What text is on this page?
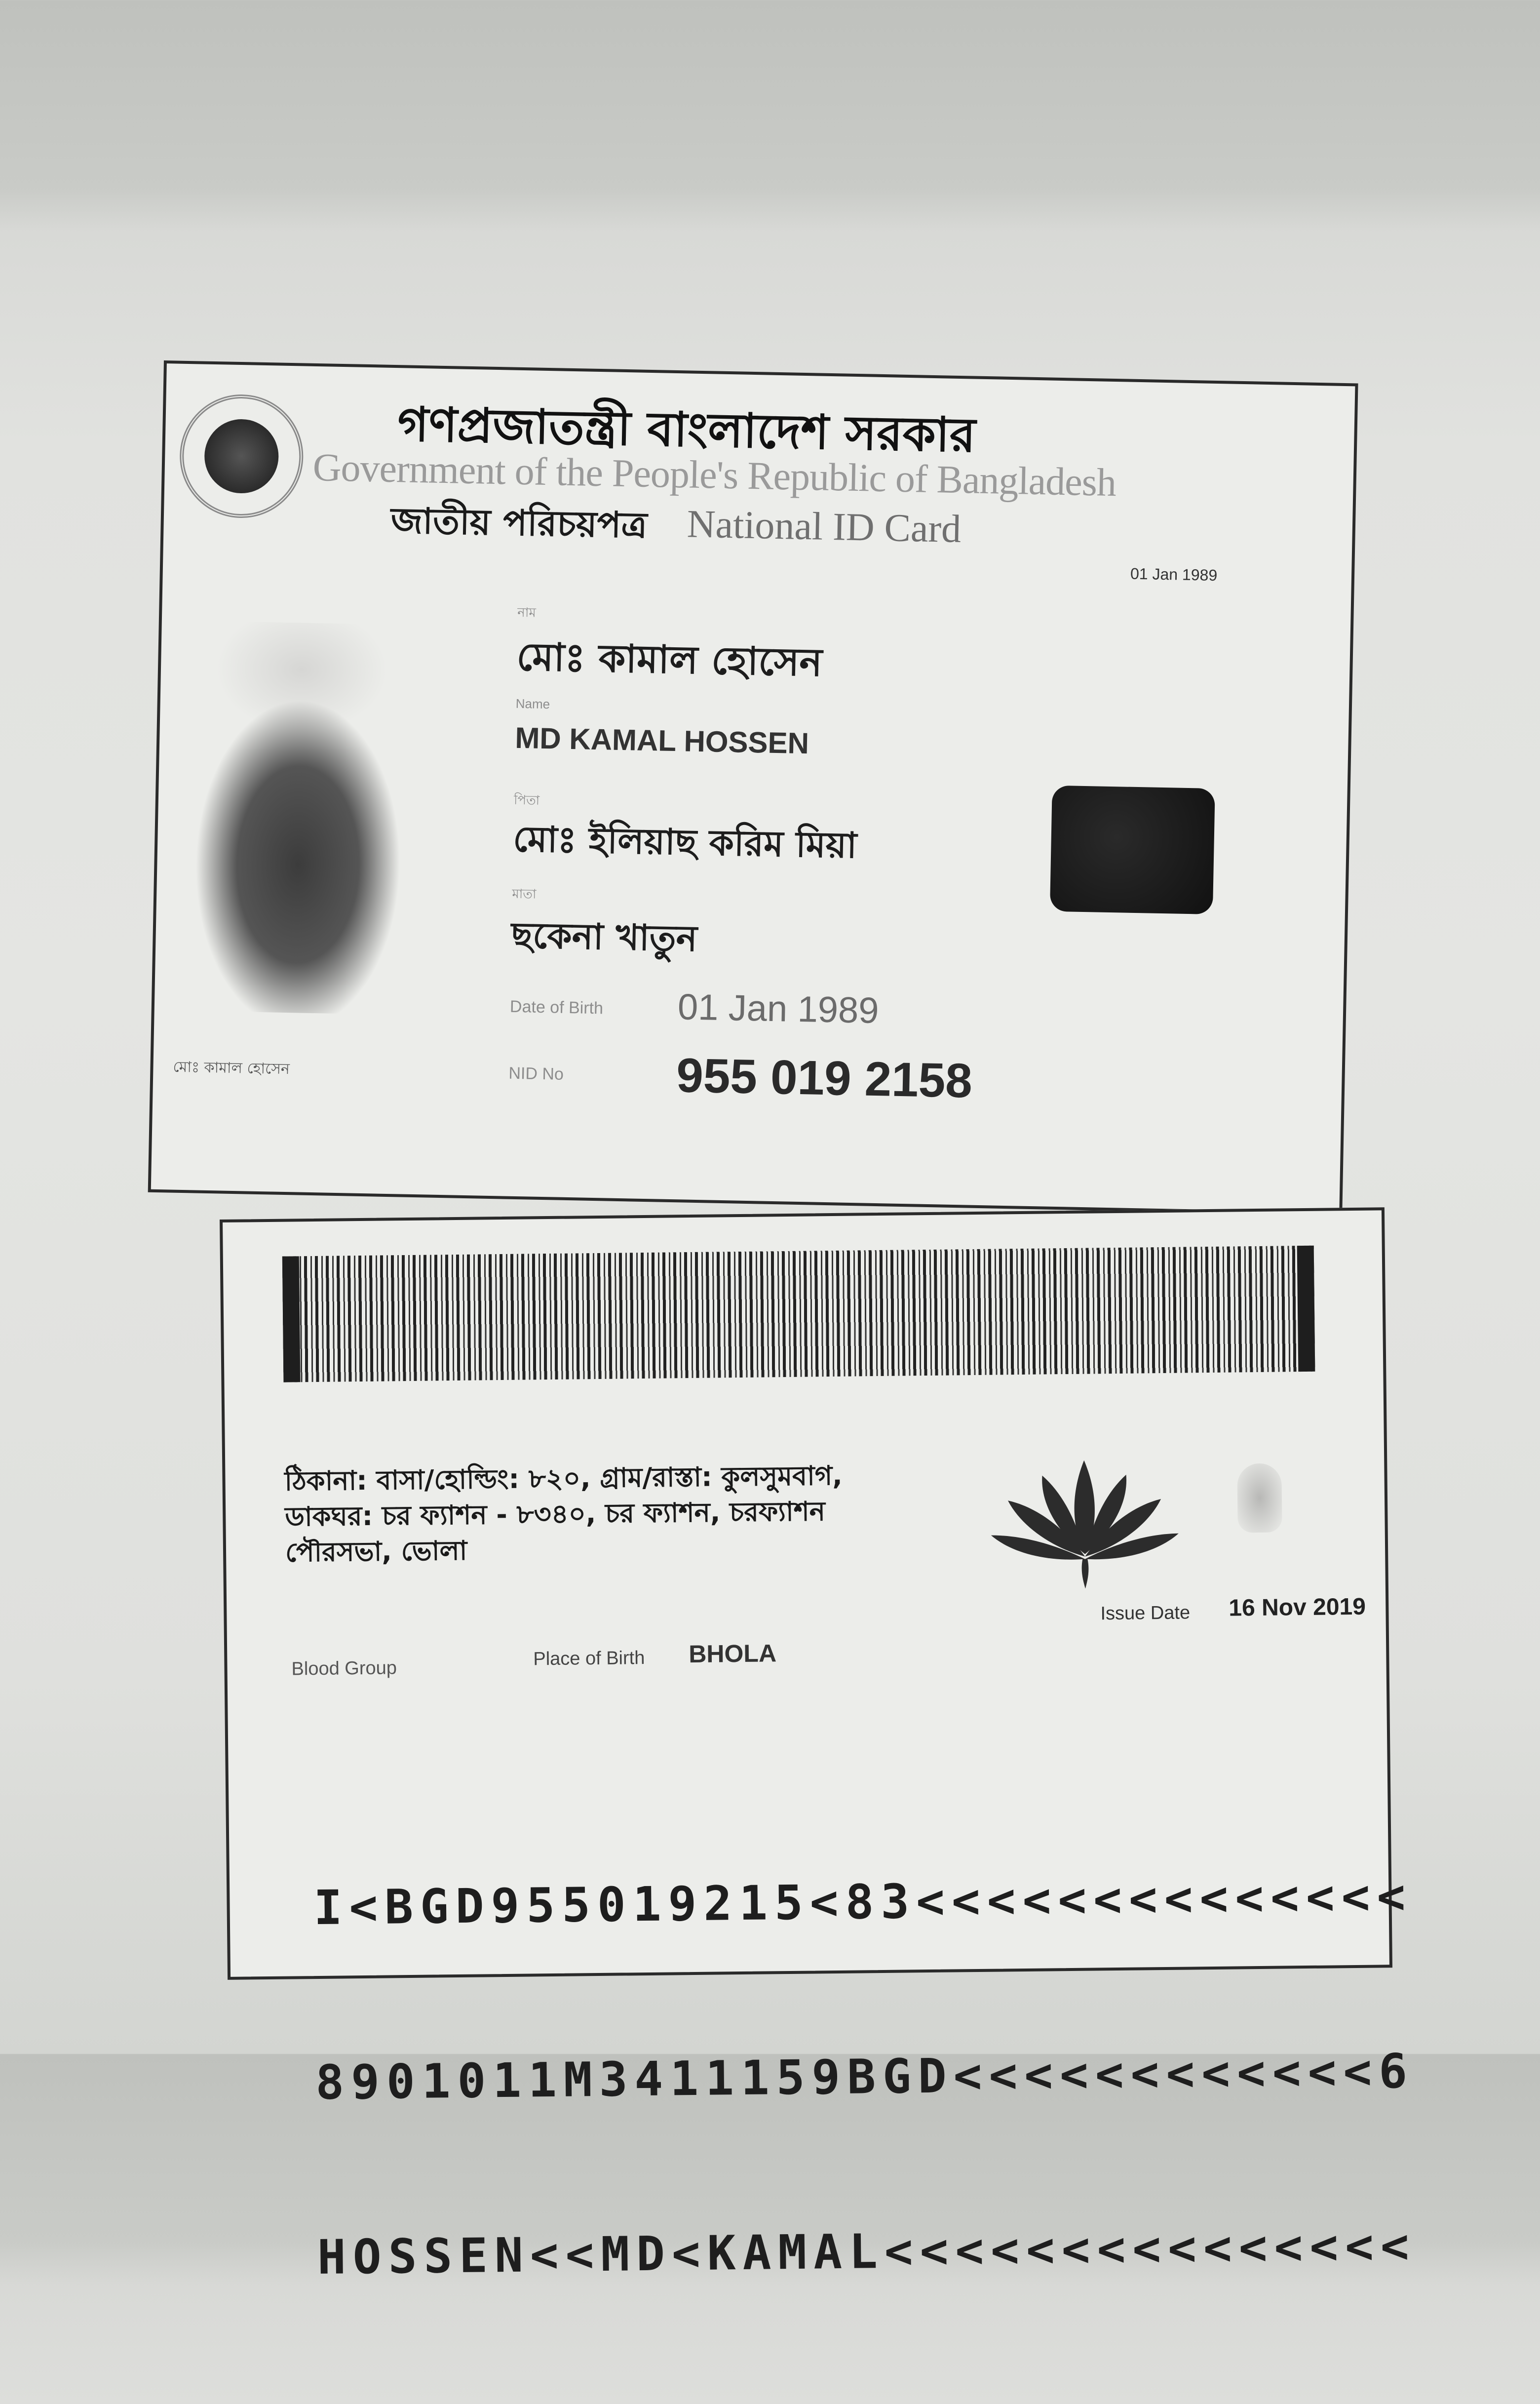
গণপ্রজাতন্ত্রী বাংলাদেশ সরকার
Government of the People's Republic of Bangladesh
জাতীয় পরিচয়পত্র National ID Card
01 Jan 1989
মোঃ কামাল হোসেন
নাম
মোঃ কামাল হোসেন
Name
MD KAMAL HOSSEN
পিতা
মোঃ ইলিয়াছ করিম মিয়া
মাতা
ছকেনা খাতুন
Date of Birth 01 Jan 1989
NID No 955 019 2158
ঠিকানা: বাসা/হোল্ডিং: ৮২০, গ্রাম/রাস্তা: কুলসুমবাগ,
ডাকঘর: চর ফ্যাশন - ৮৩৪০, চর ফ্যাশন, চরফ্যাশন
পৌরসভা, ভোলা
Issue Date 16 Nov 2019
Blood Group	Place of Birth BHOLA

I<BGD955019215<83<<<<<<<<<<<<<<

8901011M3411159BGD<<<<<<<<<<<<6

HOSSEN<<MD<KAMAL<<<<<<<<<<<<<<<
